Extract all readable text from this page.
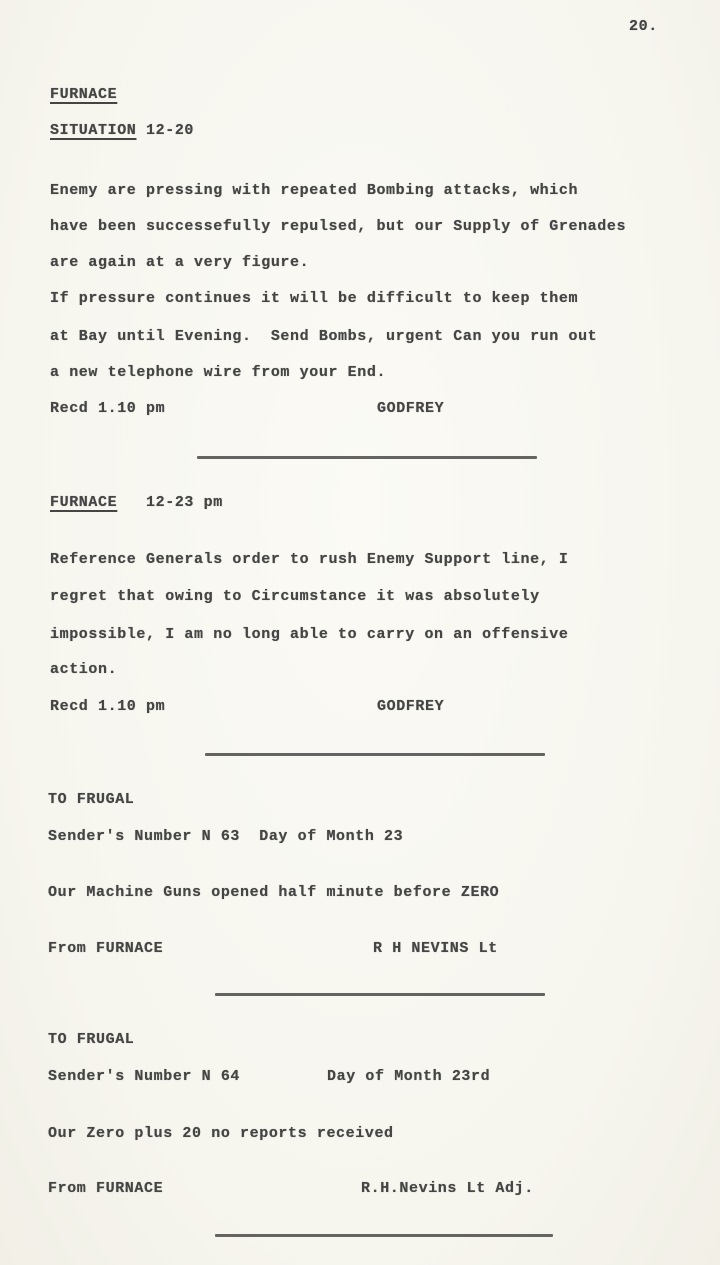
20.
FURNACE
SITUATION 12-20
Enemy are pressing with repeated Bombing attacks, which
have been successefully repulsed, but our Supply of Grenades
are again at a very figure.
If pressure continues it will be difficult to keep them
at Bay until Evening.  Send Bombs, urgent Can you run out
a new telephone wire from your End.
Recd 1.10 pm	GODFREY
FURNACE 12-23 pm
Reference Generals order to rush Enemy Support line, I
regret that owing to Circumstance it was absolutely
impossible, I am no long able to carry on an offensive
action.
Recd 1.10 pm	GODFREY
TO FRUGAL
Sender's Number N 63  Day of Month 23
Our Machine Guns opened half minute before ZERO
From FURNACE	R H NEVINS Lt
TO FRUGAL
Sender's Number N 64	Day of Month 23rd
Our Zero plus 20 no reports received
From FURNACE	R.H.Nevins Lt Adj.
